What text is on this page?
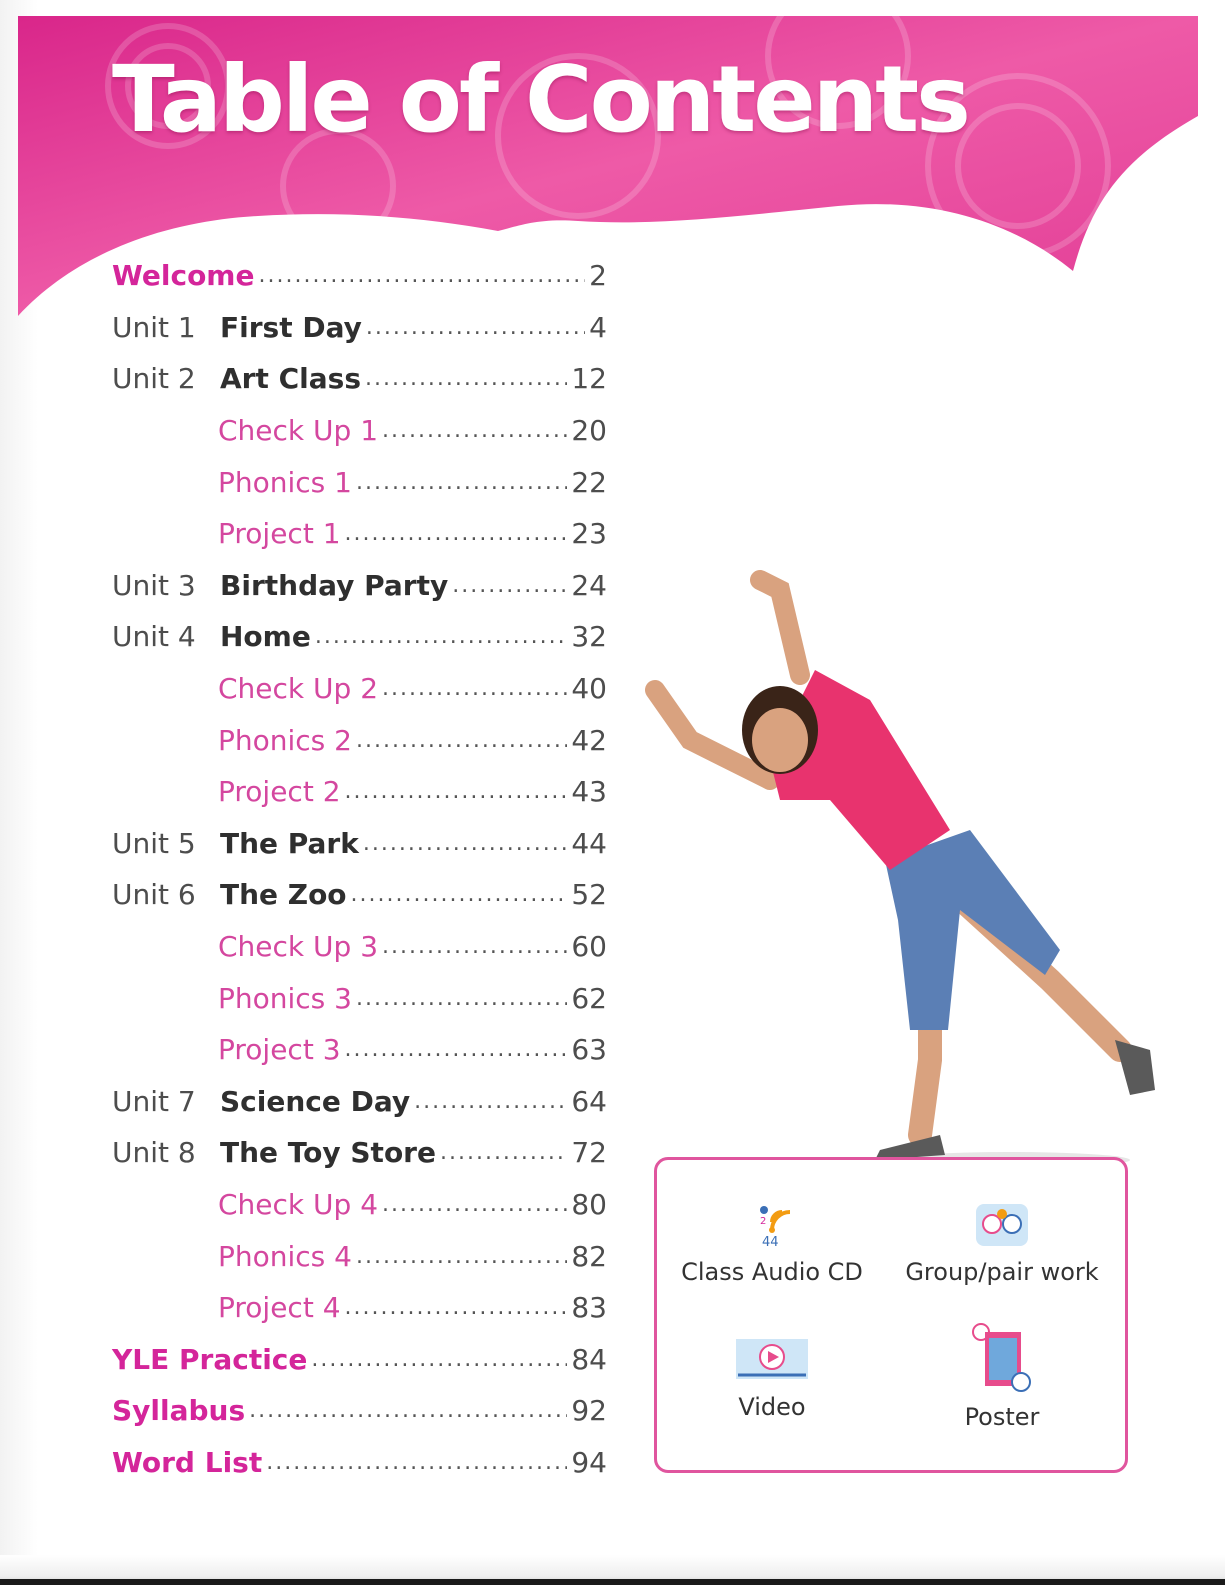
Table of Contents
Welcome .....	2
Unit 1 First Day .....	4
Unit 2 Art Class .....	12
Check Up 1 .....	20
Phonics 1 .....	22
Project 1 .....	23
Unit 3 Birthday Party .....	24
Unit 4 Home .....	32
Check Up 2 .....	40
Phonics 2 .....	42
Project 2 .....	43
Unit 5 The Park .....	44
Unit 6 The Zoo .....	52
Check Up 3 .....	60
Phonics 3 .....	62
Project 3 .....	63
Unit 7 Science Day .....	64
Unit 8 The Toy Store .....	72
Check Up 4 .....	80
Phonics 4 .....	82
Project 4 .....	83
YLE Practice .....	84
Syllabus .....	92
Word List .....	94
2
44
Class Audio CD	Group/pair work
Video	Poster
